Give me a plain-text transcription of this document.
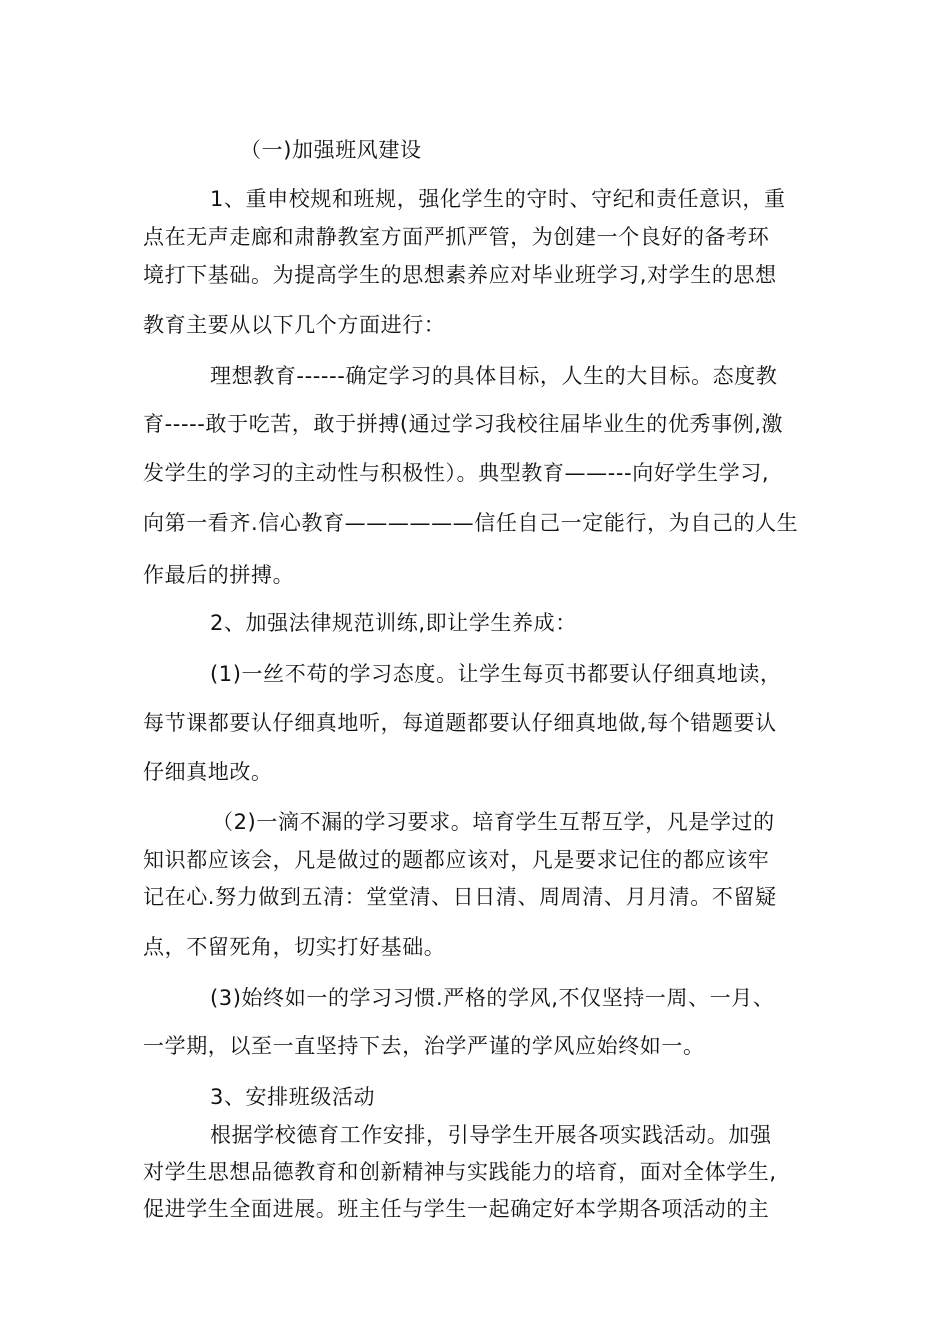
（一)加强班风建设
1、重申校规和班规，强化学生的守时、守纪和责任意识，重
点在无声走廊和肃静教室方面严抓严管，为创建一个良好的备考环
境打下基础。为提高学生的思想素养应对毕业班学习,对学生的思想
教育主要从以下几个方面进行：
理想教育------确定学习的具体目标，人生的大目标。态度教
育-----敢于吃苦，敢于拼搏(通过学习我校往届毕业生的优秀事例,激
发学生的学习的主动性与积极性）。典型教育——---向好学生学习,
向第一看齐.信心教育——————信任自己一定能行，为自己的人生
作最后的拼搏。
2、加强法律规范训练,即让学生养成：
(1)一丝不苟的学习态度。让学生每页书都要认仔细真地读，
每节课都要认仔细真地听，每道题都要认仔细真地做,每个错题要认
仔细真地改。
（2)一滴不漏的学习要求。培育学生互帮互学，凡是学过的
知识都应该会，凡是做过的题都应该对，凡是要求记住的都应该牢
记在心.努力做到五清：堂堂清、日日清、周周清、月月清。不留疑
点，不留死角，切实打好基础。
(3)始终如一的学习习惯.严格的学风,不仅坚持一周、一月、
一学期，以至一直坚持下去，治学严谨的学风应始终如一。
3、安排班级活动
根据学校德育工作安排，引导学生开展各项实践活动。加强
对学生思想品德教育和创新精神与实践能力的培育，面对全体学生,
促进学生全面进展。班主任与学生一起确定好本学期各项活动的主
